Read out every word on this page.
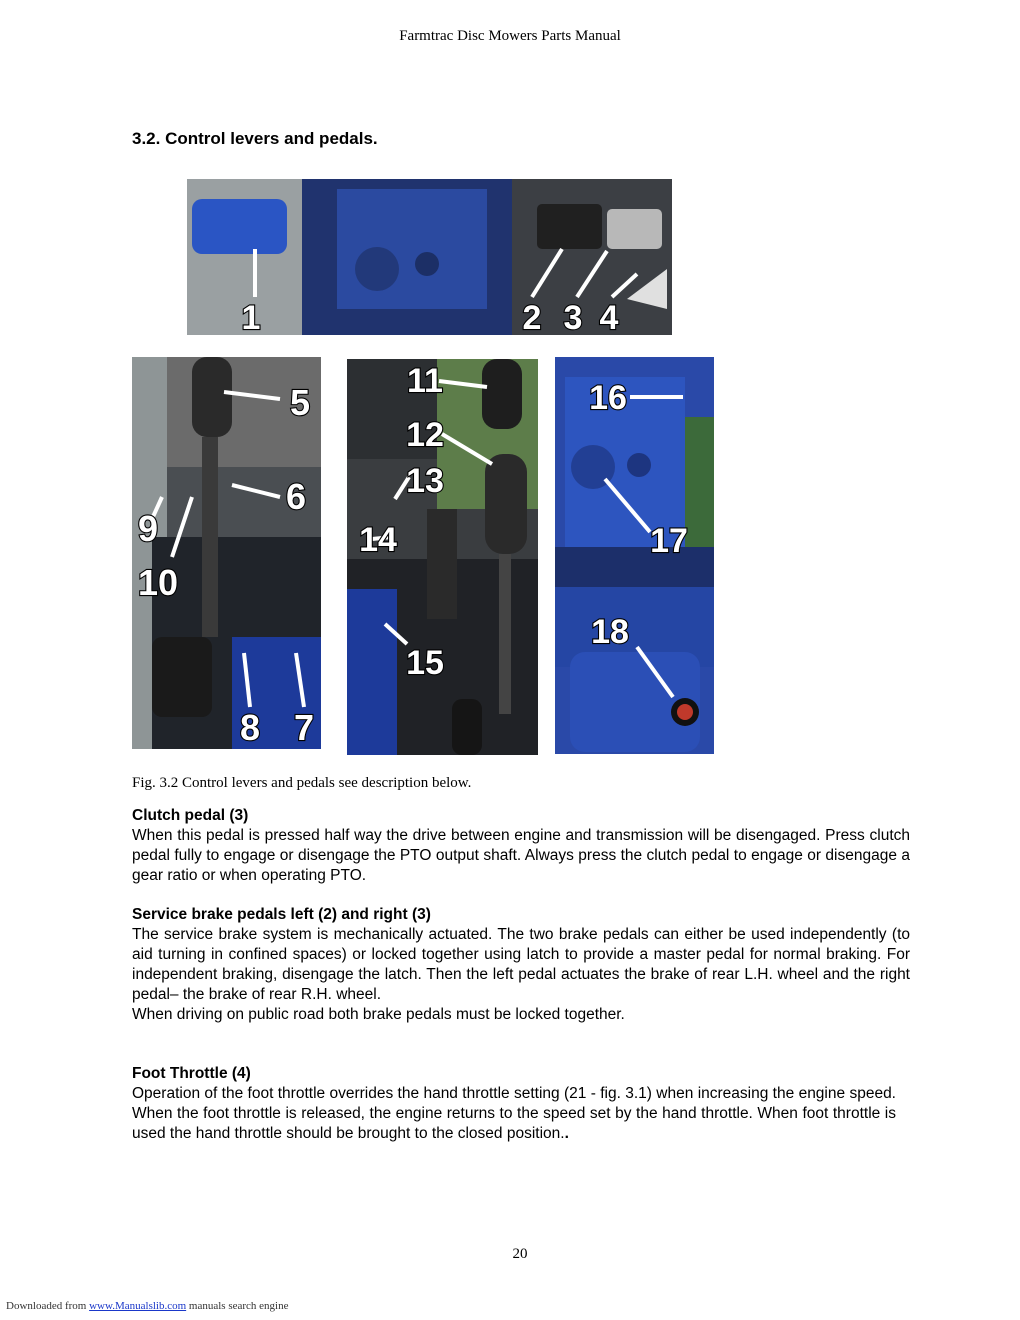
Farmtrac Disc Mowers Parts Manual
3.2. Control levers and pedals.
1	2 3 4
5
6
9
10
8 7
11
12
13
14
15
16
17
18
Fig. 3.2 Control levers and pedals see description below.
Clutch pedal (3)

When this pedal is pressed half way the drive between engine and transmission will be disengaged. Press clutch pedal fully to engage or disengage the PTO output shaft. Always press the clutch pedal to engage or disengage a gear ratio or when operating PTO.

Service brake pedals left (2) and right (3)

The service brake system is mechanically actuated. The two brake pedals can either be used independently (to aid turning in confined spaces) or locked together using latch to provide a master pedal for normal braking. For independent braking, disengage the latch. Then the left pedal actuates the brake of rear L.H. wheel and the right pedal– the brake of rear R.H. wheel.

When driving on public road both brake pedals must be locked together.

Foot Throttle (4)

Operation of the foot throttle overrides the hand throttle setting (21 - fig. 3.1) when increasing the engine speed. When the foot throttle is released, the engine returns to the speed set by the hand throttle. When foot throttle is used the hand throttle should be brought to the closed position..

20
Downloaded from www.Manualslib.com manuals search engine
